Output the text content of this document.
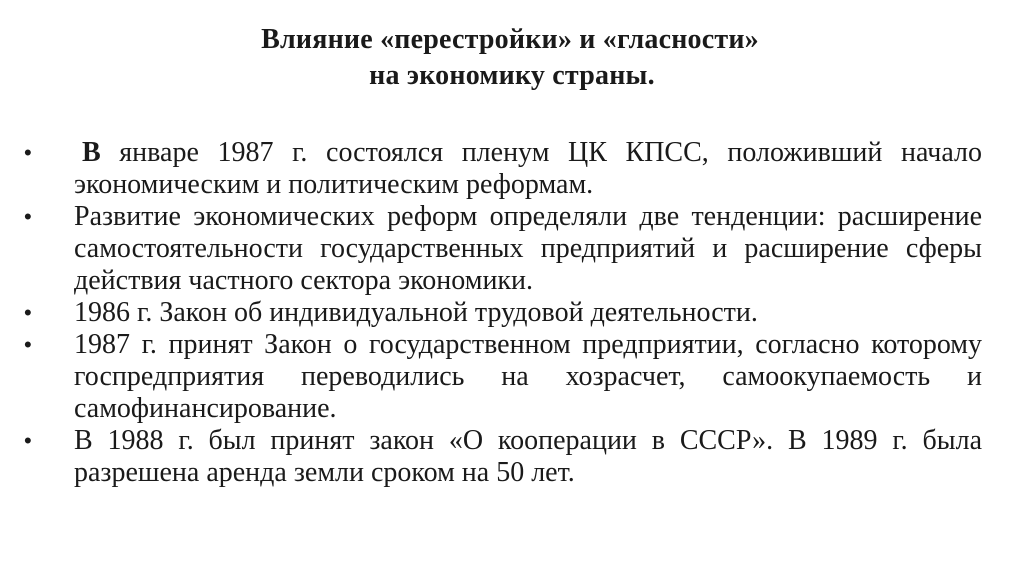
Влияние «перестройки» и «гласности»
на экономику страны.
• В январе 1987 г. состоялся пленум ЦК КПСС, положивший начало экономическим и политическим реформам.
• Развитие экономических реформ определяли две тенденции: расширение самостоятельности государственных предприятий и расширение сферы действия частного сектора экономики.
• 1986 г. Закон об индивидуальной трудовой деятельности.
• 1987 г. принят Закон о государственном предприятии, согласно которому госпредприятия переводились на хозрасчет, самоокупаемость и самофинансирование.
• В 1988 г. был принят закон «О кооперации в СССР». В 1989 г. была разрешена аренда земли сроком на 50 лет.
